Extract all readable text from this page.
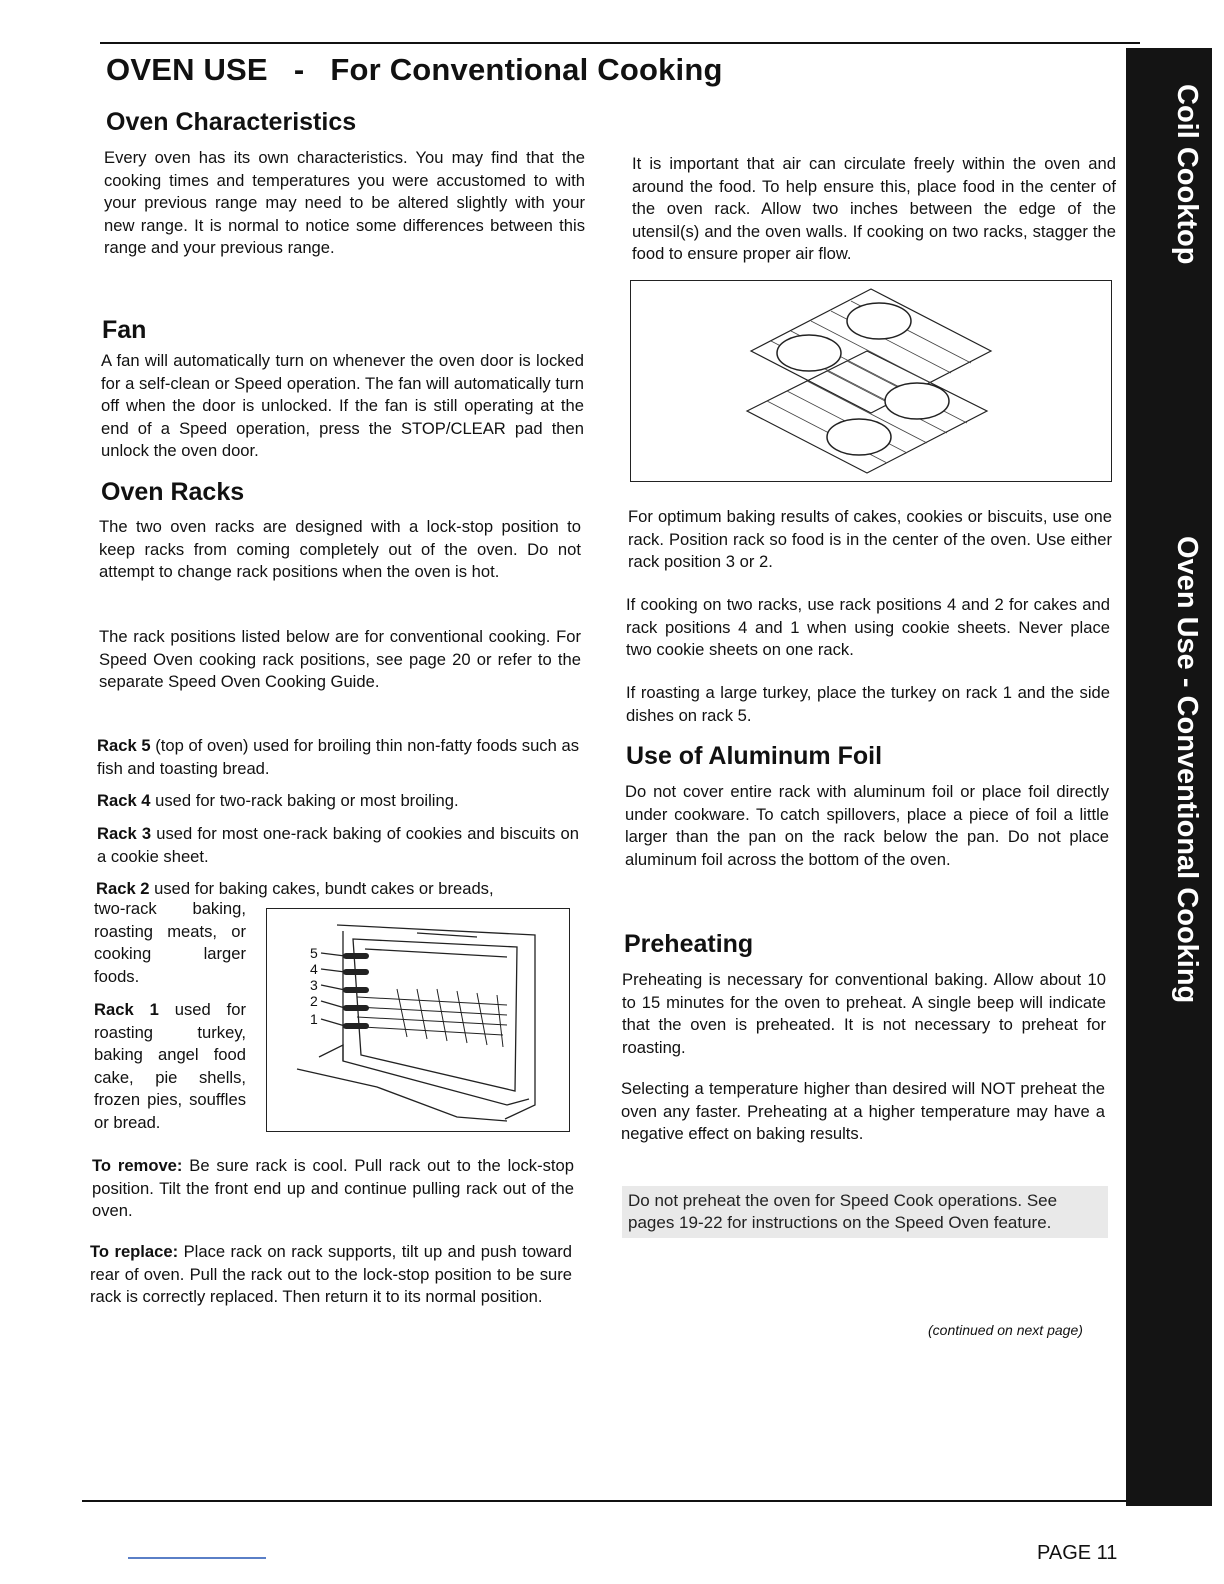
OVEN USE - For Conventional Cooking
Coil Cooktop
Oven Use - Conventional Cooking
Oven Characteristics
Every oven has its own characteristics. You may find that the cooking times and temperatures you were accustomed to with your previous range may need to be altered slightly with your new range. It is normal to notice some differences between this range and your previous range.
Fan
A fan will automatically turn on whenever the oven door is locked for a self-clean or Speed operation. The fan will automatically turn off when the door is unlocked. If the fan is still operating at the end of a Speed operation, press the STOP/CLEAR pad then unlock the oven door.
Oven Racks
The two oven racks are designed with a lock-stop position to keep racks from coming completely out of the oven. Do not attempt to change rack positions when the oven is hot.
The rack positions listed below are for conventional cooking. For Speed Oven cooking rack positions, see page 20 or refer to the separate Speed Oven Cooking Guide.
Rack 5 (top of oven) used for broiling thin non-fatty foods such as fish and toasting bread.
Rack 4 used for two-rack baking or most broiling.
Rack 3 used for most one-rack baking of cookies and biscuits on a cookie sheet.
Rack 2 used for baking cakes, bundt cakes or breads,
two-rack baking, roasting meats, or cooking larger foods.
Rack 1 used for roasting turkey, baking angel food cake, pie shells, frozen pies, souffles or bread.
5
4
3
2
1
To remove: Be sure rack is cool. Pull rack out to the lock-stop position. Tilt the front end up and continue pulling rack out of the oven.
To replace: Place rack on rack supports, tilt up and push toward rear of oven. Pull the rack out to the lock-stop position to be sure rack is correctly replaced. Then return it to its normal position.
It is important that air can circulate freely within the oven and around the food. To help ensure this, place food in the center of the oven rack. Allow two inches between the edge of the utensil(s) and the oven walls. If cooking on two racks, stagger the food to ensure proper air flow.
For optimum baking results of cakes, cookies or biscuits, use one rack. Position rack so food is in the center of the oven. Use either rack position 3 or 2.
If cooking on two racks, use rack positions 4 and 2 for cakes and rack positions 4 and 1 when using cookie sheets. Never place two cookie sheets on one rack.
If roasting a large turkey, place the turkey on rack 1 and the side dishes on rack 5.
Use of Aluminum Foil
Do not cover entire rack with aluminum foil or place foil directly under cookware. To catch spillovers, place a piece of foil a little larger than the pan on the rack below the pan. Do not place aluminum foil across the bottom of the oven.
Preheating
Preheating is necessary for conventional baking. Allow about 10 to 15 minutes for the oven to preheat. A single beep will indicate that the oven is preheated. It is not necessary to preheat for roasting.
Selecting a temperature higher than desired will NOT preheat the oven any faster. Preheating at a higher temperature may have a negative effect on baking results.
Do not preheat the oven for Speed Cook operations. See pages 19-22 for instructions on the Speed Oven feature.
(continued on next page)
PAGE 11
